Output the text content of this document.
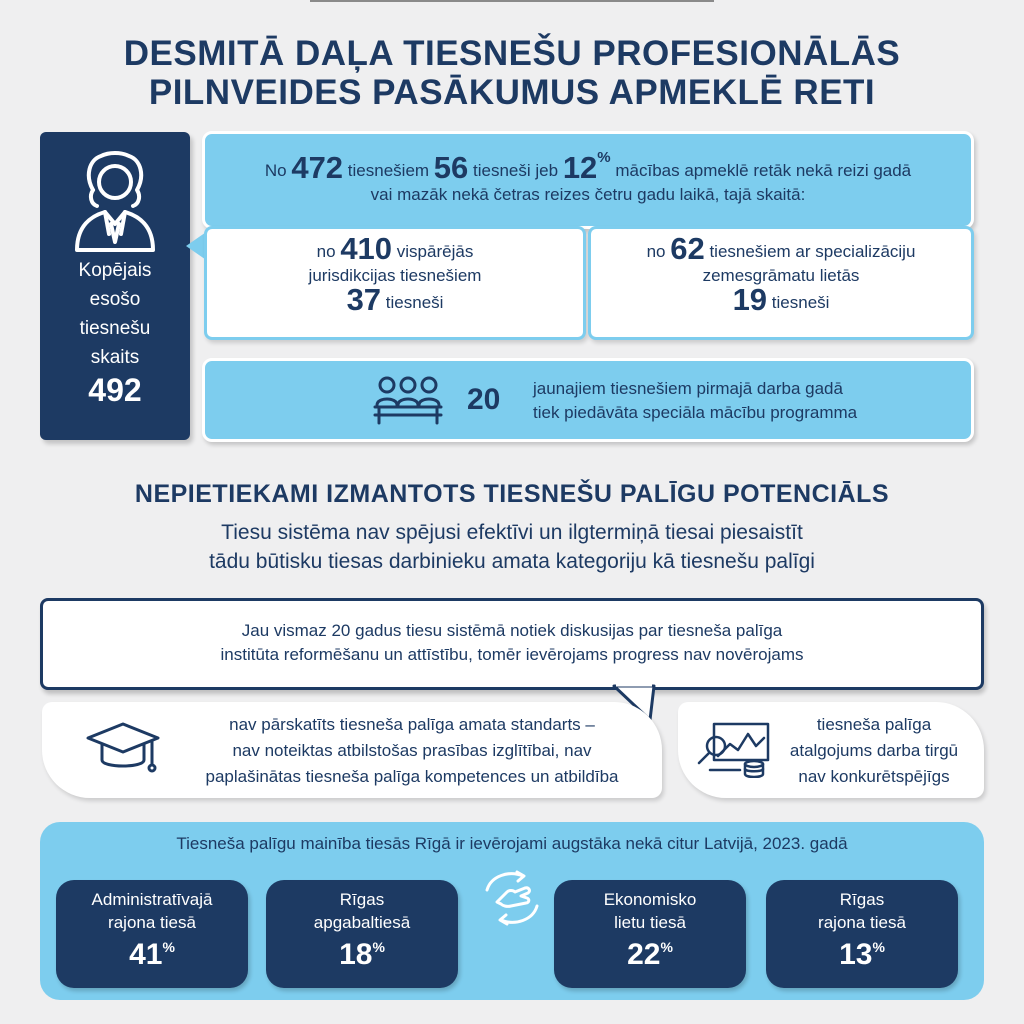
DESMITĀ DAĻA TIESNEŠU PROFESIONĀLĀS
PILNVEIDES PASĀKUMUS APMEKLĒ RETI
Kopējais
esošo
tiesnešu
skaits
492
No 472 tiesnešiem 56 tiesneši jeb 12% mācības apmeklē retāk nekā reizi gadā
vai mazāk nekā četras reizes četru gadu laikā, tajā skaitā:
no 410 vispārējās
jurisdikcijas tiesnešiem
37 tiesneši
no 62 tiesnešiem ar specializāciju
zemesgrāmatu lietās
19 tiesneši
20 jaunajiem tiesnešiem pirmajā darba gadā
tiek piedāvāta speciāla mācību programma
NEPIETIEKAMI IZMANTOTS TIESNEŠU PALĪGU POTENCIĀLS
Tiesu sistēma nav spējusi efektīvi un ilgtermiņā tiesai piesaistīt
tādu būtisku tiesas darbinieku amata kategoriju kā tiesnešu palīgi
Jau vismaz 20 gadus tiesu sistēmā notiek diskusijas par tiesneša palīga
institūta reformēšanu un attīstību, tomēr ievērojams progress nav novērojams
nav pārskatīts tiesneša palīga amata standarts –
nav noteiktas atbilstošas prasības izglītībai, nav
paplašinātas tiesneša palīga kompetences un atbildība
tiesneša palīga
atalgojums darba tirgū
nav konkurētspējīgs
Tiesneša palīgu mainība tiesās Rīgā ir ievērojami augstāka nekā citur Latvijā, 2023. gadā
Administratīvajā
rajona tiesā
41%
Rīgas
apgabaltiesā
18%
Ekonomisko
lietu tiesā
22%
Rīgas
rajona tiesā
13%
